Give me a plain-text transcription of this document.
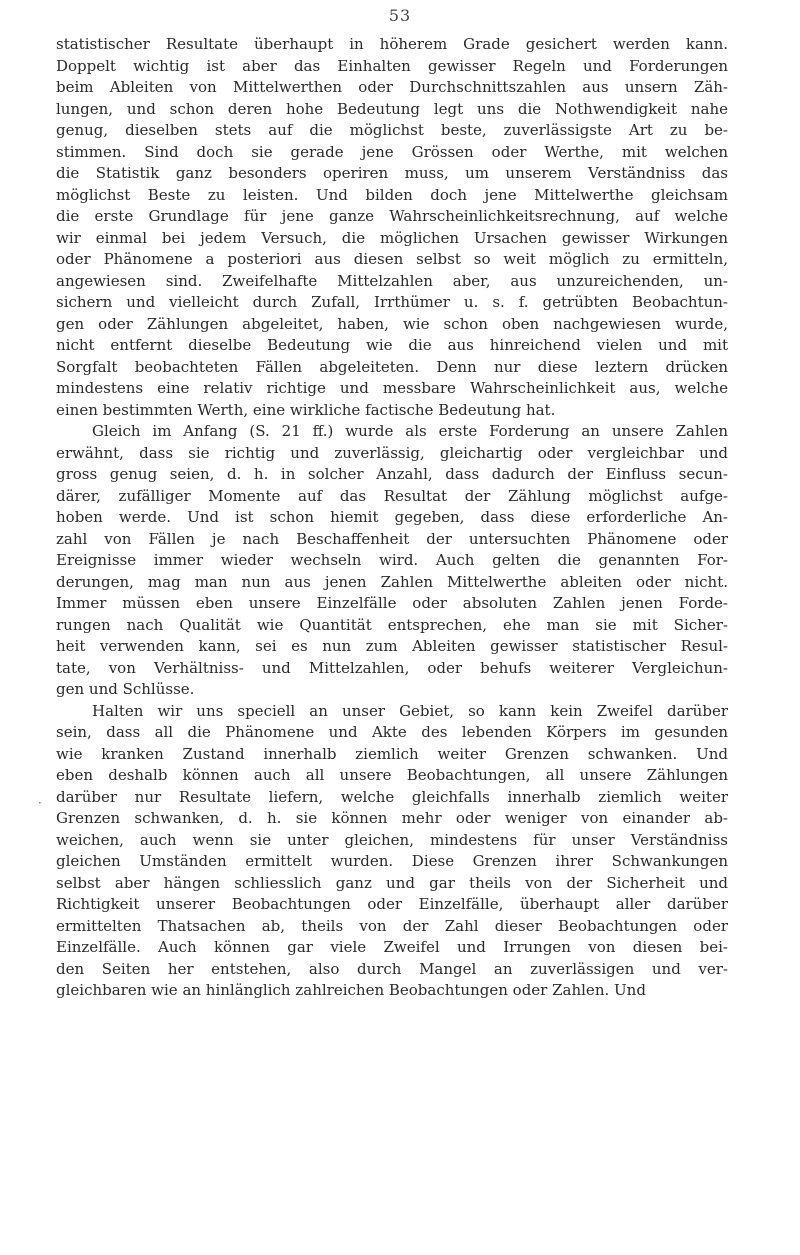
53
·
statistischer Resultate überhaupt in höherem Grade gesichert werden kann.
Doppelt wichtig ist aber das Einhalten gewisser Regeln und Forderungen
beim Ableiten von Mittelwerthen oder Durchschnittszahlen aus unsern Zäh-
lungen, und schon deren hohe Bedeutung legt uns die Nothwendigkeit nahe
genug, dieselben stets auf die möglichst beste, zuverlässigste Art zu be-
stimmen. Sind doch sie gerade jene Grössen oder Werthe, mit welchen
die Statistik ganz besonders operiren muss, um unserem Verständniss das
möglichst Beste zu leisten. Und bilden doch jene Mittelwerthe gleichsam
die erste Grundlage für jene ganze Wahrscheinlichkeitsrechnung, auf welche
wir einmal bei jedem Versuch, die möglichen Ursachen gewisser Wirkungen
oder Phänomene a posteriori aus diesen selbst so weit möglich zu ermitteln,
angewiesen sind. Zweifelhafte Mittelzahlen aber, aus unzureichenden, un-
sichern und vielleicht durch Zufall, Irrthümer u. s. f. getrübten Beobachtun-
gen oder Zählungen abgeleitet, haben, wie schon oben nachgewiesen wurde,
nicht entfernt dieselbe Bedeutung wie die aus hinreichend vielen und mit
Sorgfalt beobachteten Fällen abgeleiteten. Denn nur diese leztern drücken
mindestens eine relativ richtige und messbare Wahrscheinlichkeit aus, welche
einen bestimmten Werth, eine wirkliche factische Bedeutung hat.
Gleich im Anfang (S. 21 ff.) wurde als erste Forderung an unsere Zahlen
erwähnt, dass sie richtig und zuverlässig, gleichartig oder vergleichbar und
gross genug seien, d. h. in solcher Anzahl, dass dadurch der Einfluss secun-
därer, zufälliger Momente auf das Resultat der Zählung möglichst aufge-
hoben werde. Und ist schon hiemit gegeben, dass diese erforderliche An-
zahl von Fällen je nach Beschaffenheit der untersuchten Phänomene oder
Ereignisse immer wieder wechseln wird. Auch gelten die genannten For-
derungen, mag man nun aus jenen Zahlen Mittelwerthe ableiten oder nicht.
Immer müssen eben unsere Einzelfälle oder absoluten Zahlen jenen Forde-
rungen nach Qualität wie Quantität entsprechen, ehe man sie mit Sicher-
heit verwenden kann, sei es nun zum Ableiten gewisser statistischer Resul-
tate, von Verhältniss- und Mittelzahlen, oder behufs weiterer Vergleichun-
gen und Schlüsse.
Halten wir uns speciell an unser Gebiet, so kann kein Zweifel darüber
sein, dass all die Phänomene und Akte des lebenden Körpers im gesunden
wie kranken Zustand innerhalb ziemlich weiter Grenzen schwanken. Und
eben deshalb können auch all unsere Beobachtungen, all unsere Zählungen
darüber nur Resultate liefern, welche gleichfalls innerhalb ziemlich weiter
Grenzen schwanken, d. h. sie können mehr oder weniger von einander ab-
weichen, auch wenn sie unter gleichen, mindestens für unser Verständniss
gleichen Umständen ermittelt wurden. Diese Grenzen ihrer Schwankungen
selbst aber hängen schliesslich ganz und gar theils von der Sicherheit und
Richtigkeit unserer Beobachtungen oder Einzelfälle, überhaupt aller darüber
ermittelten Thatsachen ab, theils von der Zahl dieser Beobachtungen oder
Einzelfälle. Auch können gar viele Zweifel und Irrungen von diesen bei-
den Seiten her entstehen, also durch Mangel an zuverlässigen und ver-
gleichbaren wie an hinlänglich zahlreichen Beobachtungen oder Zahlen. Und
